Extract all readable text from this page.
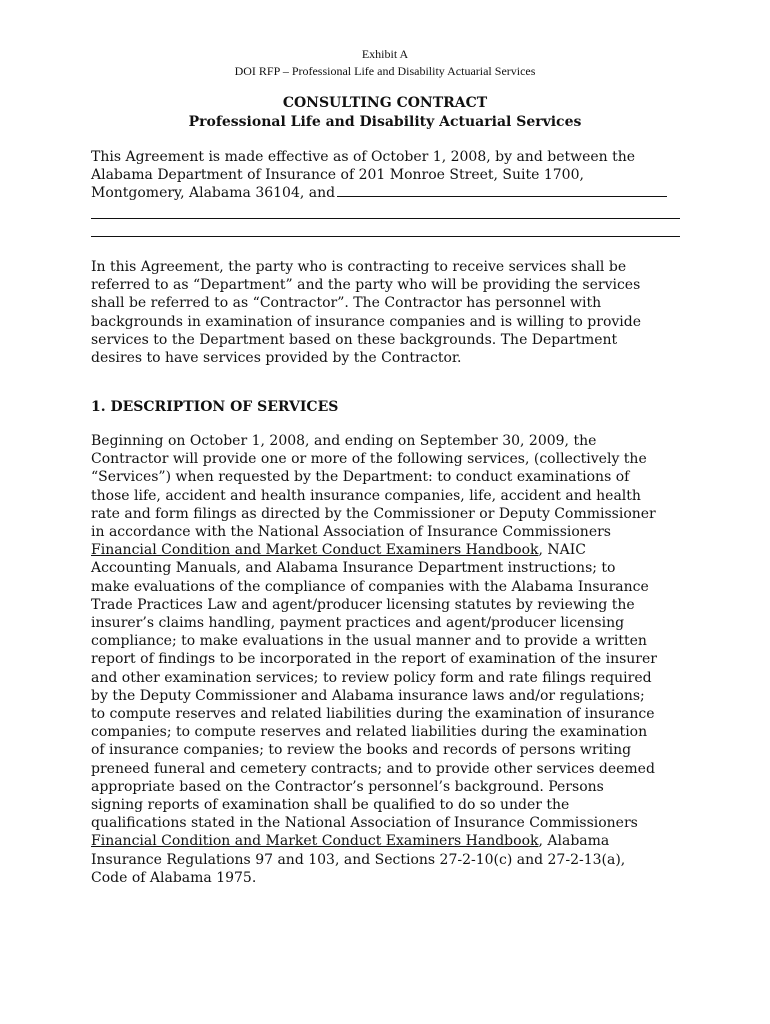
Exhibit A
DOI RFP – Professional Life and Disability Actuarial Services
CONSULTING CONTRACT
Professional Life and Disability Actuarial Services
This Agreement is made effective as of October 1, 2008, by and between the
Alabama Department of Insurance of 201 Monroe Street, Suite 1700,
Montgomery, Alabama 36104, and
In this Agreement, the party who is contracting to receive services shall be
referred to as “Department” and the party who will be providing the services
shall be referred to as “Contractor”. The Contractor has personnel with
backgrounds in examination of insurance companies and is willing to provide
services to the Department based on these backgrounds. The Department
desires to have services provided by the Contractor.
1. DESCRIPTION OF SERVICES
Beginning on October 1, 2008, and ending on September 30, 2009, the
Contractor will provide one or more of the following services, (collectively the
“Services”) when requested by the Department: to conduct examinations of
those life, accident and health insurance companies, life, accident and health
rate and form filings as directed by the Commissioner or Deputy Commissioner
in accordance with the National Association of Insurance Commissioners
Financial Condition and Market Conduct Examiners Handbook, NAIC
Accounting Manuals, and Alabama Insurance Department instructions; to
make evaluations of the compliance of companies with the Alabama Insurance
Trade Practices Law and agent/producer licensing statutes by reviewing the
insurer’s claims handling, payment practices and agent/producer licensing
compliance; to make evaluations in the usual manner and to provide a written
report of findings to be incorporated in the report of examination of the insurer
and other examination services; to review policy form and rate filings required
by the Deputy Commissioner and Alabama insurance laws and/or regulations;
to compute reserves and related liabilities during the examination of insurance
companies; to compute reserves and related liabilities during the examination
of insurance companies; to review the books and records of persons writing
preneed funeral and cemetery contracts; and to provide other services deemed
appropriate based on the Contractor’s personnel’s background. Persons
signing reports of examination shall be qualified to do so under the
qualifications stated in the National Association of Insurance Commissioners
Financial Condition and Market Conduct Examiners Handbook, Alabama
Insurance Regulations 97 and 103, and Sections 27-2-10(c) and 27-2-13(a),
Code of Alabama 1975.
